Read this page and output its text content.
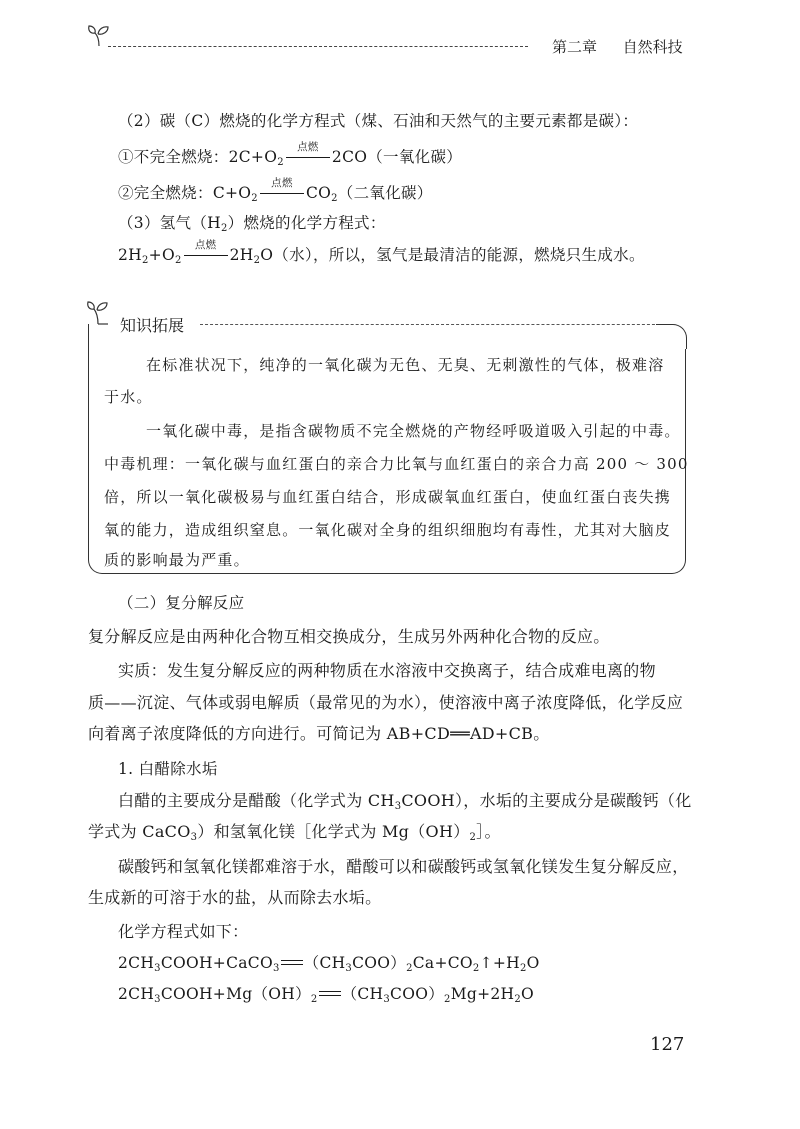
第二章 自然科技
（2）碳（C）燃烧的化学方程式（煤、石油和天然气的主要元素都是碳）：
①不完全燃烧：$2C+O_2$
点燃
2CO（一氧化碳）
②完全燃烧：$C+O_2$
点燃
$CO_2$（二氧化碳）
（3）氢气$(H_2)$燃烧的化学方程式：
$2H_2+O_2$
点燃
$2H_2O$（水），所以，氢气是最清洁的能源，燃烧只生成水。
知识拓展
在标准状况下，纯净的一氧化碳为无色、无臭、无刺激性的气体，极难溶
于水。
一氧化碳中毒，是指含碳物质不完全燃烧的产物经呼吸道吸入引起的中毒。
中毒机理：一氧化碳与血红蛋白的亲合力比氧与血红蛋白的亲合力高 200 ～ 300
倍，所以一氧化碳极易与血红蛋白结合，形成碳氧血红蛋白，使血红蛋白丧失携
氧的能力，造成组织窒息。一氧化碳对全身的组织细胞均有毒性，尤其对大脑皮
质的影响最为严重。
（二）复分解反应
复分解反应是由两种化合物互相交换成分，生成另外两种化合物的反应。
实质：发生复分解反应的两种物质在水溶液中交换离子，结合成难电离的物
质——沉淀、气体或弱电解质（最常见的为水），使溶液中离子浓度降低，化学反应
向着离子浓度降低的方向进行。可简记为 AB+CD══AD+CB。
1. 白醋除水垢
白醋的主要成分是醋酸（化学式为 $CH_3COOH$），水垢的主要成分是碳酸钙（化
学式为 CaCO$_3$）和氢氧化镁［化学式为 $Mg(OH)_2]$。
碳酸钙和氢氧化镁都难溶于水，醋酸可以和碳酸钙或氢氧化镁发生复分解反应，
生成新的可溶于水的盐，从而除去水垢。
化学方程式如下：
$2CH_3COOH+CaCO_3$ $(CH_3COO)_2Ca+CO_2↑+H_2O$
$2CH_3COOH+Mg(OH)_2$ $(CH_3COO)_2Mg+2H_2O$
127
